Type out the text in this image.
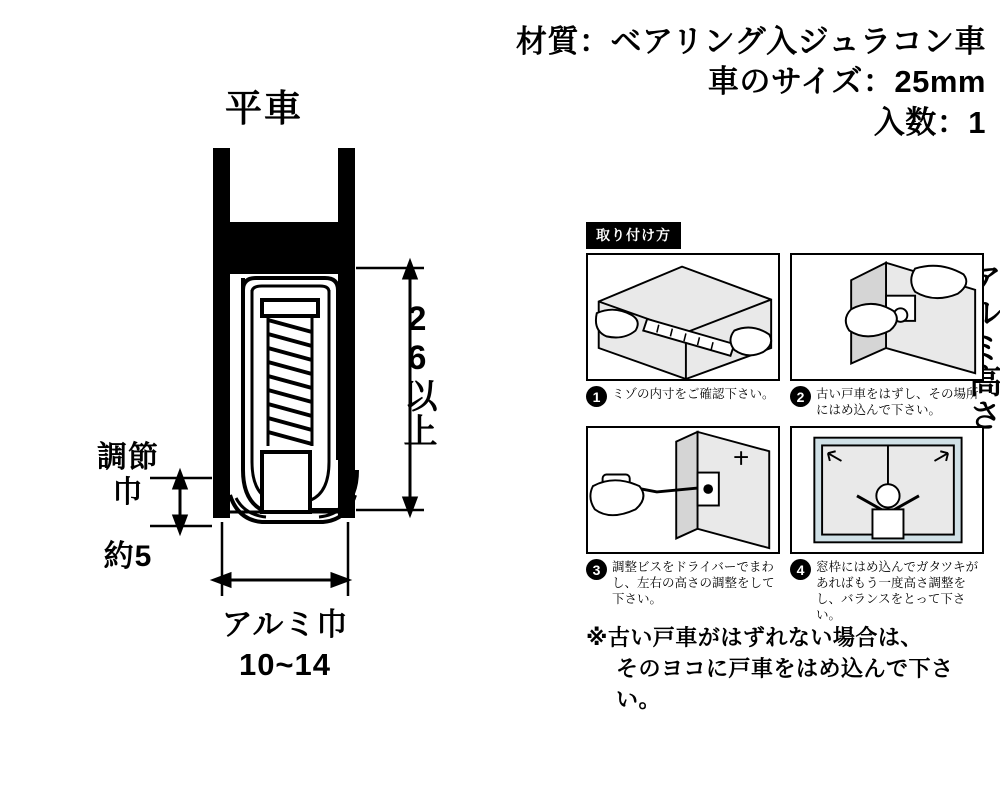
材質：ベアリング入ジュラコン車
車のサイズ：25mm
入数：1
平車
26以上
調節巾
約5
アルミ巾
10~14
取り付け方
1 ミゾの内寸をご確認下さい。	2 古い戸車をはずし、その場所にはめ込んで下さい。
3 調整ビスをドライバーでまわし、左右の高さの調整をして下さい。
4 窓枠にはめ込んでガタツキがあればもう一度高さ調整をし、バランスをとって下さい。
※古い戸車がはずれない場合は、
そのヨコに戸車をはめ込んで下さい。
